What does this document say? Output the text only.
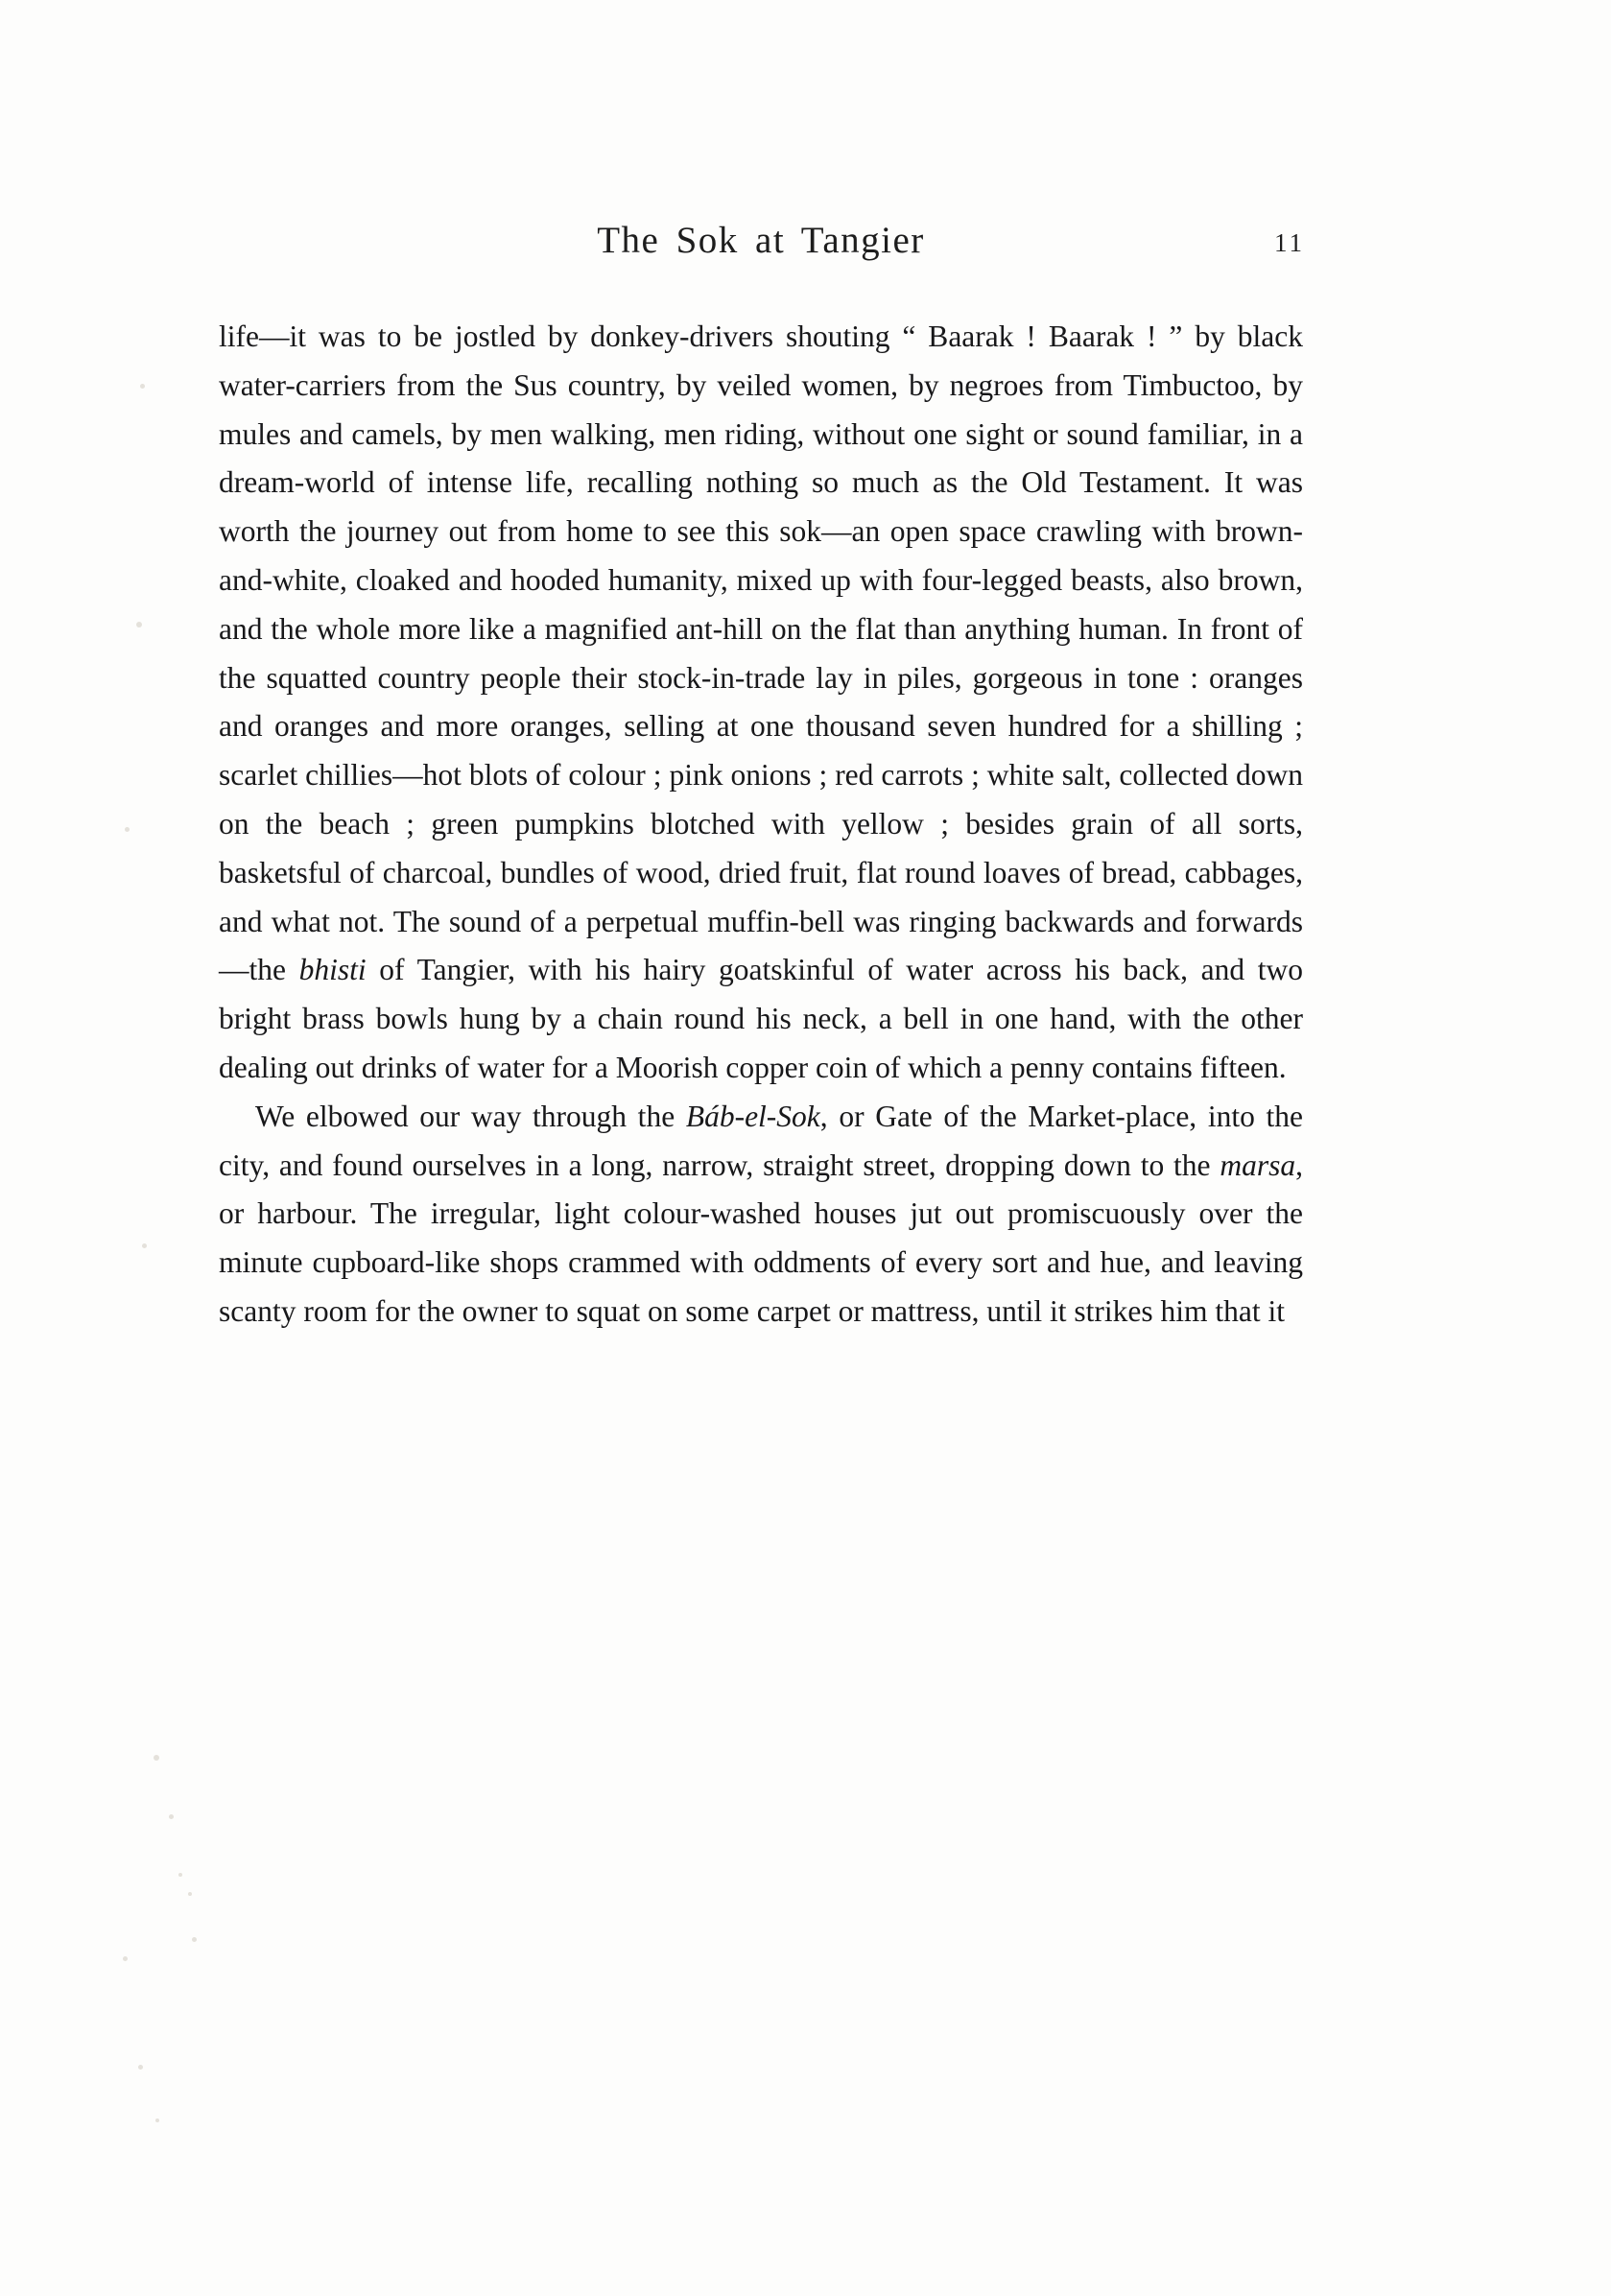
The Sok at Tangier	11

life—it was to be jostled by donkey-drivers shouting “ Baarak ! Baarak ! ” by black water-carriers from the Sus country, by veiled women, by negroes from Timbuctoo, by mules and camels, by men walking, men riding, without one sight or sound familiar, in a dream-world of intense life, recalling nothing so much as the Old Testament. It was worth the journey out from home to see this sok—an open space crawling with brown-and-white, cloaked and hooded humanity, mixed up with four-legged beasts, also brown, and the whole more like a magnified ant-hill on the flat than anything human. In front of the squatted country people their stock-in-trade lay in piles, gorgeous in tone : oranges and oranges and more oranges, selling at one thousand seven hundred for a shilling ; scarlet chillies—hot blots of colour ; pink onions ; red carrots ; white salt, collected down on the beach ; green pumpkins blotched with yellow ; besides grain of all sorts, basketsful of charcoal, bundles of wood, dried fruit, flat round loaves of bread, cabbages, and what not. The sound of a perpetual muffin-bell was ringing backwards and forwards—the bhisti of Tangier, with his hairy goatskinful of water across his back, and two bright brass bowls hung by a chain round his neck, a bell in one hand, with the other dealing out drinks of water for a Moorish copper coin of which a penny contains fifteen.

We elbowed our way through the Báb-el-Sok, or Gate of the Market-place, into the city, and found ourselves in a long, narrow, straight street, dropping down to the marsa, or harbour. The irregular, light colour-washed houses jut out promiscuously over the minute cupboard-like shops crammed with oddments of every sort and hue, and leaving scanty room for the owner to squat on some carpet or mattress, until it strikes him that it
